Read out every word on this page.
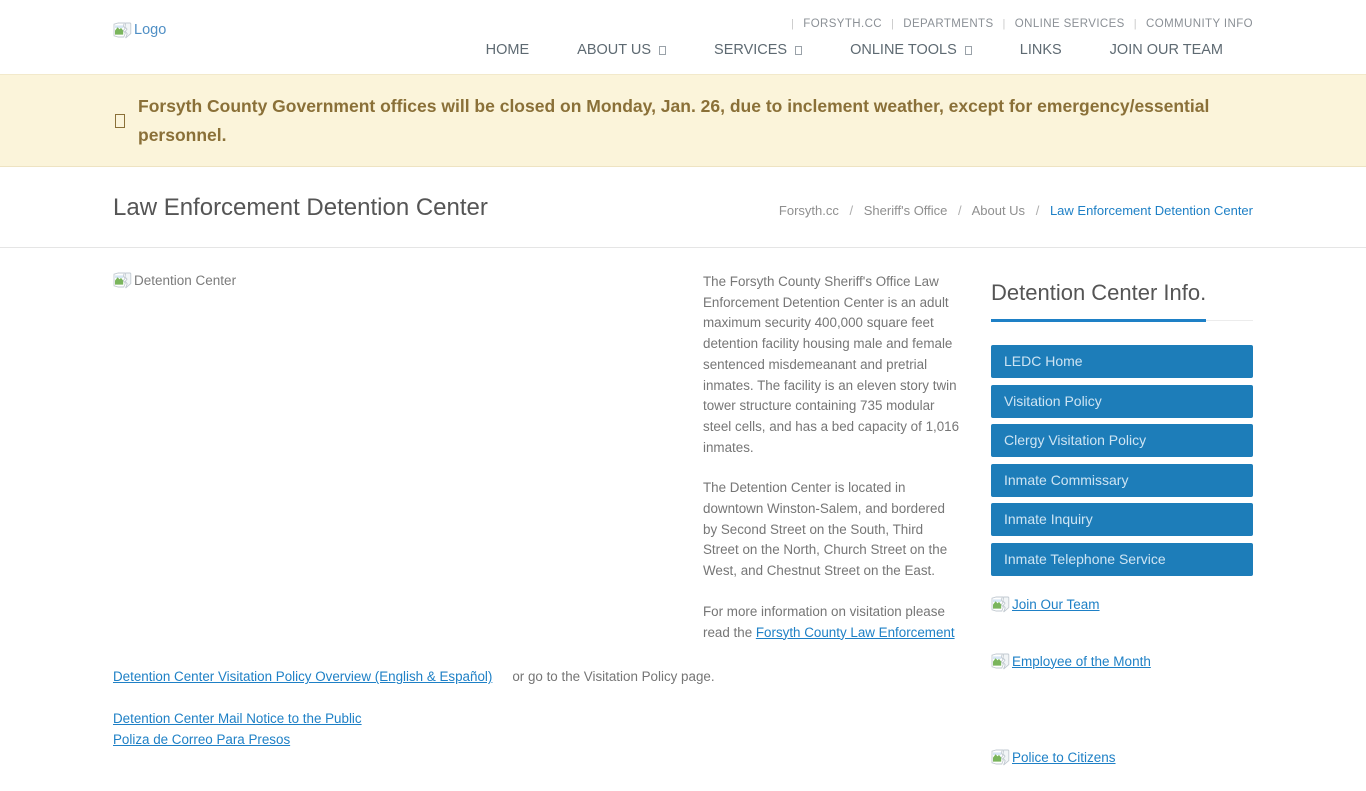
Logo	| FORSYTH.CC | DEPARTMENTS | ONLINE SERVICES | COMMUNITY INFO
HOME	ABOUT US	SERVICES	ONLINE TOOLS	LINKS	JOIN OUR TEAM
Forsyth County Government offices will be closed on Monday, Jan. 26, due to inclement weather, except for emergency/essential personnel.
Law Enforcement Detention Center	Forsyth.cc / Sheriff's Office / About Us / Law Enforcement Detention Center
Detention Center	The Forsyth County Sheriff's Office Law Enforcement Detention Center is an adult maximum security 400,000 square feet detention facility housing male and female sentenced misdemeanant and pretrial inmates. The facility is an eleven story twin tower structure containing 735 modular steel cells, and has a bed capacity of 1,016 inmates.

The Detention Center is located in downtown Winston-Salem, and bordered by Second Street on the South, Third Street on the North, Church Street on the West, and Chestnut Street on the East.

For more information on visitation please read the Forsyth County Law Enforcement

Detention Center Visitation Policy Overview (English & Español) or go to the Visitation Policy page.
Detention Center Mail Notice to the Public
Poliza de Correo Para Presos
Detention Center Info.
LEDC Home
Visitation Policy
Clergy Visitation Policy
Inmate Commissary
Inmate Inquiry
Inmate Telephone Service
Join Our Team
Employee of the Month
Police to Citizens
